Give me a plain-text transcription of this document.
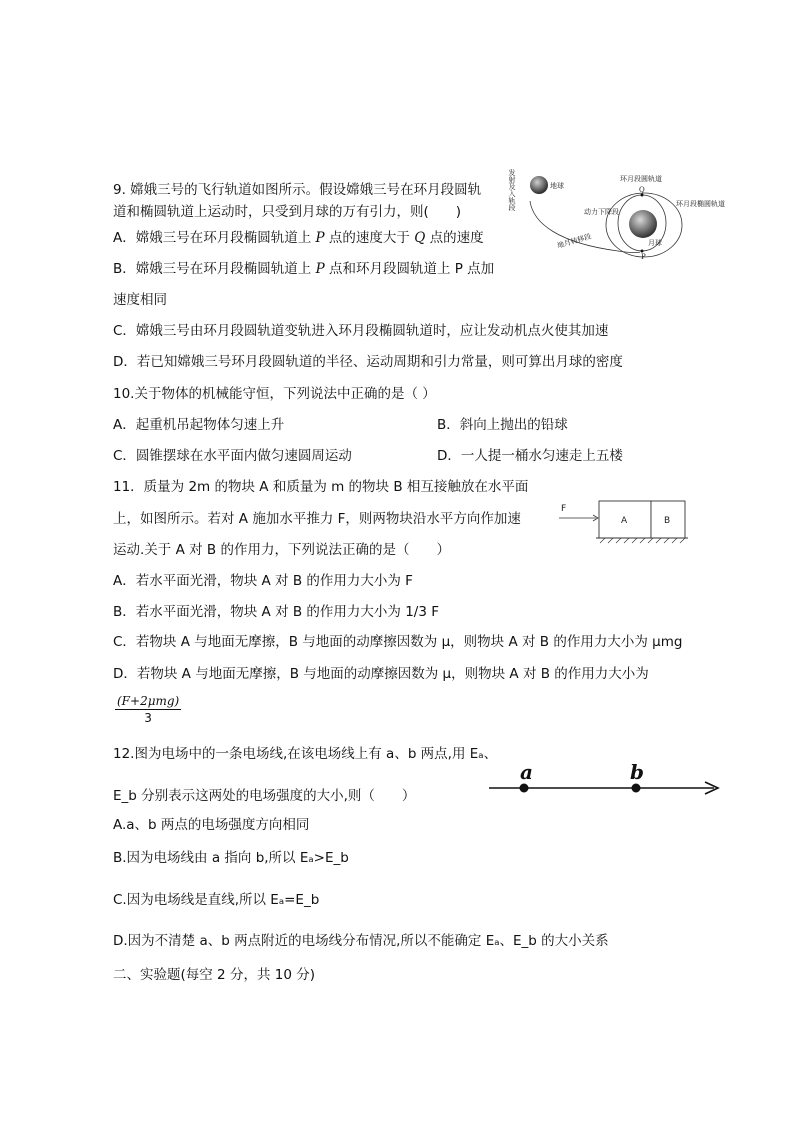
9. 嫦娥三号的飞行轨道如图所示。假设嫦娥三号在环月段圆轨
道和椭圆轨道上运动时，只受到月球的万有引力，则(　　)
A．嫦娥三号在环月段椭圆轨道上 P 点的速度大于 Q 点的速度
B．嫦娥三号在环月段椭圆轨道上 P 点和环月段圆轨道上 P 点加
速度相同
C．嫦娥三号由环月段圆轨道变轨进入环月段椭圆轨道时，应让发动机点火使其加速
D．若已知嫦娥三号环月段圆轨道的半径、运动周期和引力常量，则可算出月球的密度
发射及入轨段	地球	Q
P
环月段圆轨道
动力下降段
环月段椭圆轨道
月球
地月转移段
10.关于物体的机械能守恒，下列说法中正确的是（ ）
A．起重机吊起物体匀速上升	B．斜向上抛出的铅球
C．圆锥摆球在水平面内做匀速圆周运动	D．一人提一桶水匀速走上五楼
11．质量为 2m 的物块 A 和质量为 m 的物块 B 相互接触放在水平面
上，如图所示。若对 A 施加水平推力 F，则两物块沿水平方向作加速
运动.关于 A 对 B 的作用力，下列说法正确的是（　　）
A．若水平面光滑，物块 A 对 B 的作用力大小为 F
B．若水平面光滑，物块 A 对 B 的作用力大小为 1/3 F
C．若物块 A 与地面无摩擦，B 与地面的动摩擦因数为 μ，则物块 A 对 B 的作用力大小为 μmg
D．若物块 A 与地面无摩擦，B 与地面的动摩擦因数为 μ，则物块 A 对 B 的作用力大小为
(F+2μmg)
3
F
A	B
12.图为电场中的一条电场线,在该电场线上有 a、b 两点,用 Eₐ、
E_b 分别表示这两处的电场强度的大小,则（　　）
A.a、b 两点的电场强度方向相同
B.因为电场线由 a 指向 b,所以 Eₐ>E_b
C.因为电场线是直线,所以 Eₐ=E_b
D.因为不清楚 a、b 两点附近的电场线分布情况,所以不能确定 Eₐ、E_b 的大小关系
a	b
二、实验题(每空 2 分，共 10 分)
